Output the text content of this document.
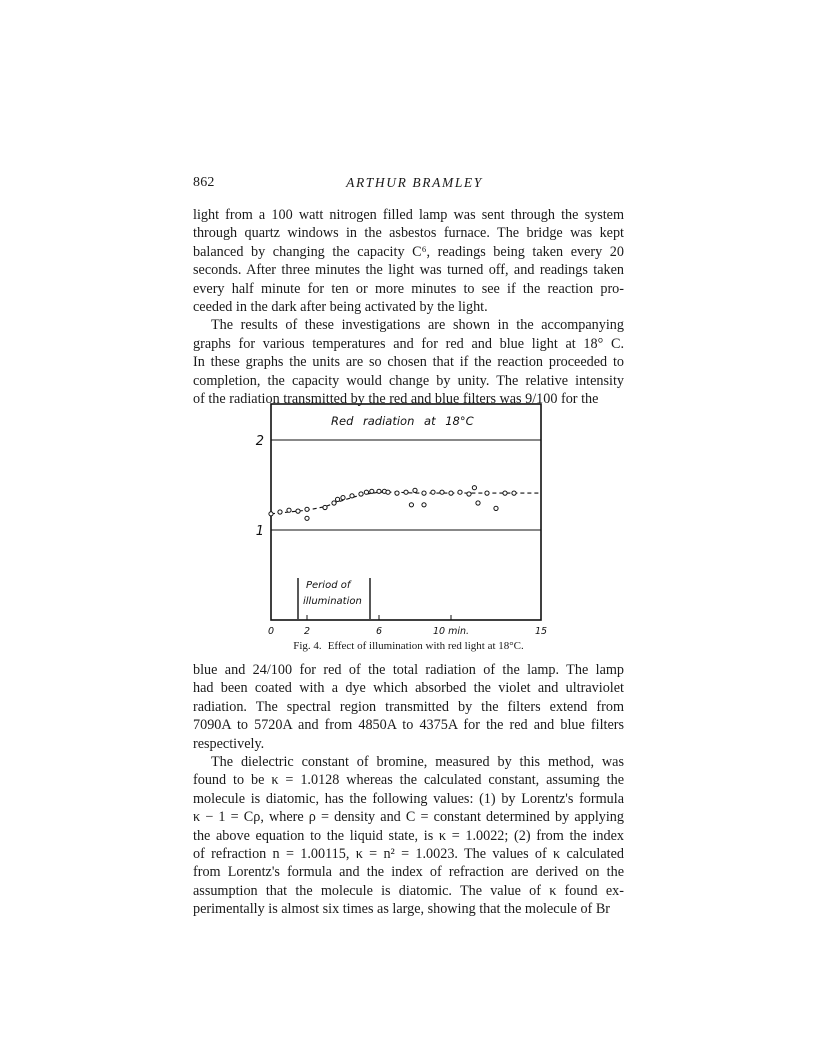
862	ARTHUR BRAMLEY

light from a 100 watt nitrogen filled lamp was sent through the system
through quartz windows in the asbestos furnace. The bridge was kept
balanced by changing the capacity C⁶, readings being taken every 20
seconds. After three minutes the light was turned off, and readings taken
every half minute for ten or more minutes to see if the reaction pro-
ceeded in the dark after being activated by the light.

The results of these investigations are shown in the accompanying
graphs for various temperatures and for red and blue light at 18° C.
In these graphs the units are so chosen that if the reaction proceeded to
completion, the capacity would change by unity. The relative intensity
of the radiation transmitted by the red and blue filters was 9/100 for the

1
2
0	2	6	10 min.	15
Red radiation at 18°C
Period of
illumination
Fig. 4. Effect of illumination with red light at 18°C.

blue and 24/100 for red of the total radiation of the lamp. The lamp
had been coated with a dye which absorbed the violet and ultraviolet
radiation. The spectral region transmitted by the filters extend from
7090A to 5720A and from 4850A to 4375A for the red and blue filters
respectively.

The dielectric constant of bromine, measured by this method, was
found to be κ = 1.0128 whereas the calculated constant, assuming the
molecule is diatomic, has the following values: (1) by Lorentz's formula
κ − 1 = Cρ, where ρ = density and C = constant determined by applying
the above equation to the liquid state, is κ = 1.0022; (2) from the index
of refraction n = 1.00115, κ = n² = 1.0023. The values of κ calculated
from Lorentz's formula and the index of refraction are derived on the
assumption that the molecule is diatomic. The value of κ found ex-
perimentally is almost six times as large, showing that the molecule of Br
